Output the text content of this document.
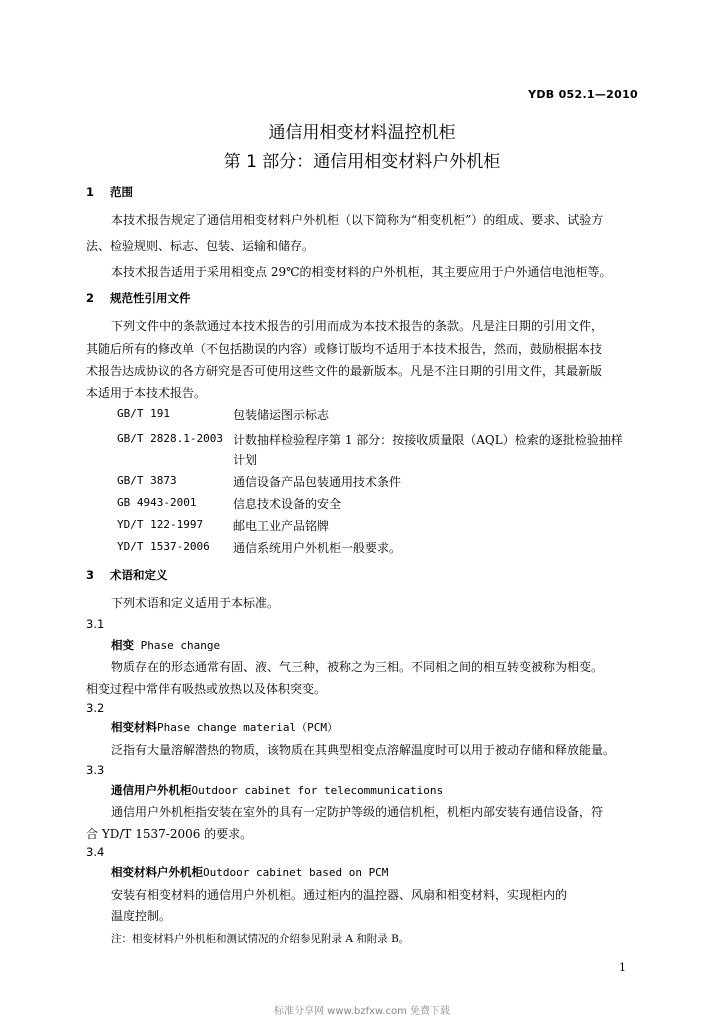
YDB 052.1—2010
通信用相变材料温控机柜
第 1 部分：通信用相变材料户外机柜
1 范围
本技术报告规定了通信用相变材料户外机柜（以下简称为“相变机柜”）的组成、要求、试验方
法、检验规则、标志、包装、运输和储存。
本技术报告适用于采用相变点 29℃的相变材料的户外机柜，其主要应用于户外通信电池柜等。
2 规范性引用文件
下列文件中的条款通过本技术报告的引用而成为本技术报告的条款。凡是注日期的引用文件，
其随后所有的修改单（不包括勘误的内容）或修订版均不适用于本技术报告，然而，鼓励根据本技
术报告达成协议的各方研究是否可使用这些文件的最新版本。凡是不注日期的引用文件，其最新版
本适用于本技术报告。
GB/T 191	包装储运图示标志
GB/T 2828.1-2003 计数抽样检验程序第 1 部分：按接收质量限（AQL）检索的逐批检验抽样
计划
GB/T 3873	通信设备产品包装通用技术条件
GB 4943-2001	信息技术设备的安全
YD/T 122-1997 邮电工业产品铭牌
YD/T 1537-2006 通信系统用户外机柜一般要求。
3 术语和定义
下列术语和定义适用于本标准。
3.1
相变 Phase change
物质存在的形态通常有固、液、气三种，被称之为三相。不同相之间的相互转变被称为相变。
相变过程中常伴有吸热或放热以及体积突变。
3.2
相变材料Phase change material（PCM）
泛指有大量溶解潜热的物质，该物质在其典型相变点溶解温度时可以用于被动存储和释放能量。
3.3
通信用户外机柜Outdoor cabinet for telecommunications
通信用户外机柜指安装在室外的具有一定防护等级的通信机柜，机柜内部安装有通信设备，符
合 YD/T 1537-2006 的要求。
3.4
相变材料户外机柜Outdoor cabinet based on PCM
安装有相变材料的通信用户外机柜。通过柜内的温控器、风扇和相变材料，实现柜内的
温度控制。
注：相变材料户外机柜和测试情况的介绍参见附录 A 和附录 B。
1
标准分享网 www.bzfxw.com 免费下载
